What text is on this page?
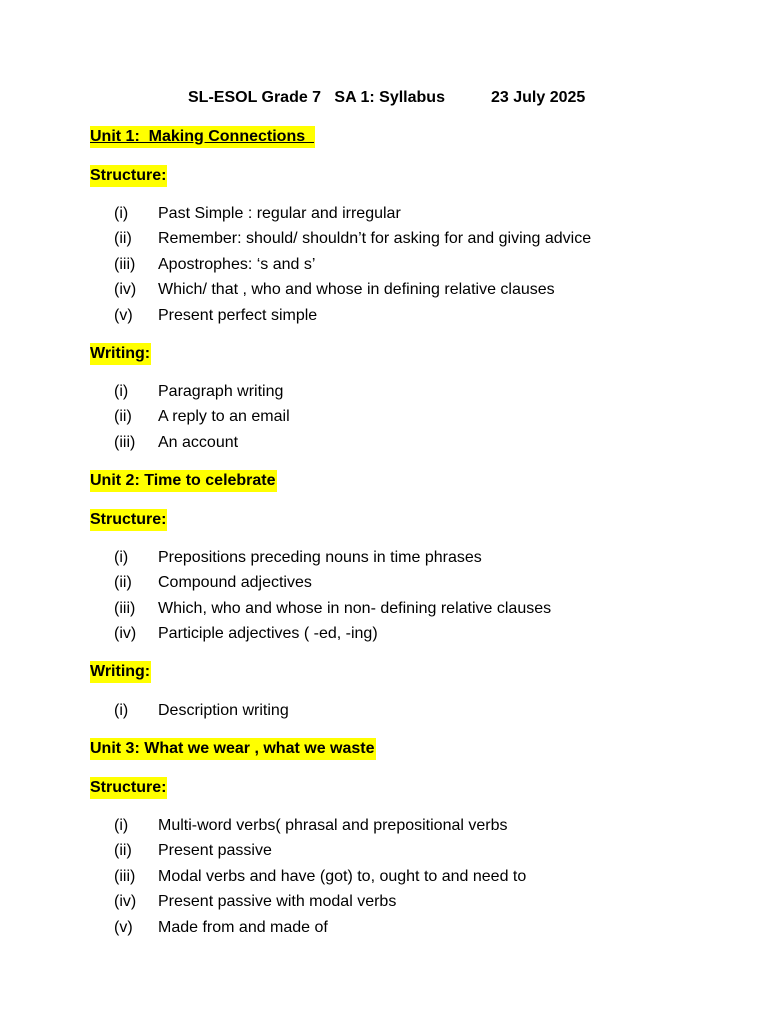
SL-ESOL Grade 7   SA 1: Syllabus	23 July 2025
Unit 1:  Making Connections
Structure:
(i) Past Simple : regular and irregular
(ii) Remember: should/ shouldn’t for asking for and giving advice
(iii) Apostrophes: ‘s and s’
(iv) Which/ that , who and whose in defining relative clauses
(v) Present perfect simple
Writing:
(i) Paragraph writing
(ii) A reply to an email
(iii) An account
Unit 2: Time to celebrate
Structure:
(i) Prepositions preceding nouns in time phrases
(ii) Compound adjectives
(iii) Which, who and whose in non- defining relative clauses
(iv) Participle adjectives ( -ed, -ing)
Writing:
(i) Description writing
Unit 3: What we wear , what we waste
Structure:
(i) Multi-word verbs( phrasal and prepositional verbs
(ii) Present passive
(iii) Modal verbs and have (got) to, ought to and need to
(iv) Present passive with modal verbs
(v) Made from and made of
